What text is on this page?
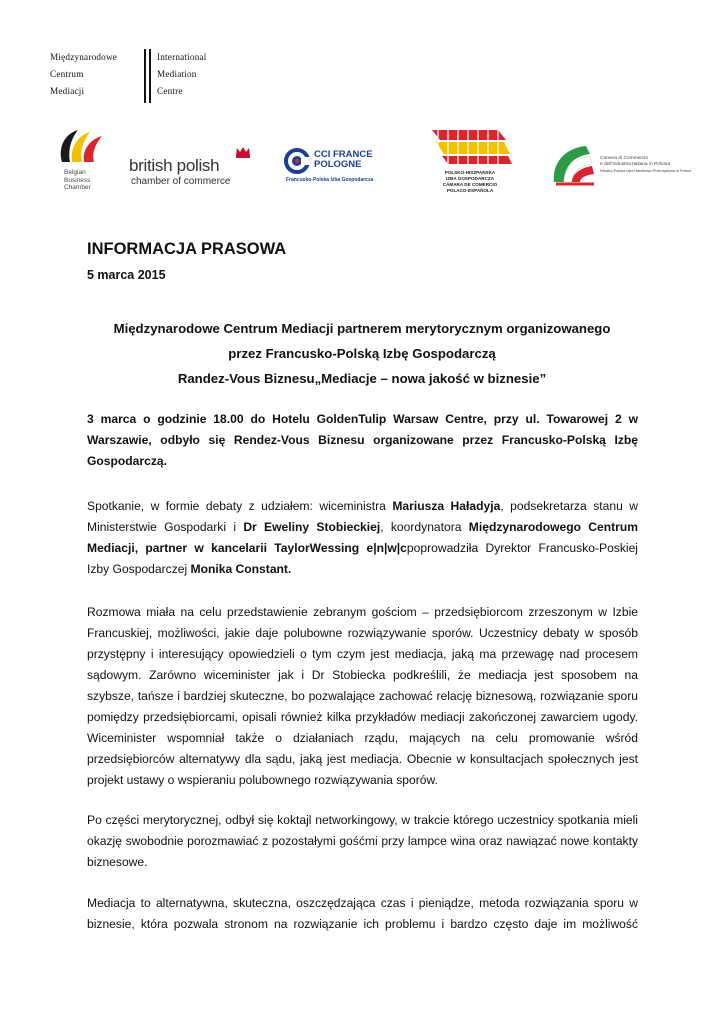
Międzynarodowe
Centrum
Mediacji
International
Mediation
Centre
Belgian
Business
Chamber
british polish
chamber of commerce
CCI FRANCE
POLOGNE
Francusko-Polska Izba Gospodarcza
POLSKO-HISZPAŃSKA
IZBA GOSPODARCZA
CÁMARA DE COMERCIO
POLACO-ESPAÑOLA
Camera di Commercio
e dell'Industria Italiana in Polonia
Włosko-Polska Izba Handlowo-Przemysłowa w Polsce
INFORMACJA PRASOWA
5 marca 2015
Międzynarodowe Centrum Mediacji partnerem merytorycznym organizowanego
przez Francusko-Polską Izbę Gospodarczą
Randez-Vous Biznesu„Mediacje – nowa jakość w biznesie”
3 marca o godzinie 18.00 do Hotelu GoldenTulip Warsaw Centre, przy ul. Towarowej 2 w
Warszawie, odbyło się Rendez-Vous Biznesu organizowane przez Francusko-Polską Izbę
Gospodarczą.
Spotkanie, w formie debaty z udziałem: wiceministra Mariusza Haładyja, podsekretarza stanu w
Ministerstwie Gospodarki i Dr Eweliny Stobieckiej, koordynatora Międzynarodowego Centrum
Mediacji, partner w kancelarii TaylorWessing e|n|w|cpoprowadziła Dyrektor Francusko-Poskiej
Izby Gospodarczej Monika Constant.
Rozmowa miała na celu przedstawienie zebranym gościom – przedsiębiorcom zrzeszonym w Izbie
Francuskiej, możliwości, jakie daje polubowne rozwiązywanie sporów. Uczestnicy debaty w sposób
przystępny i interesujący opowiedzieli o tym czym jest mediacja, jaką ma przewagę nad procesem
sądowym. Zarówno wiceminister jak i Dr Stobiecka podkreślili, że mediacja jest sposobem na
szybsze, tańsze i bardziej skuteczne, bo pozwalające zachować relację biznesową, rozwiązanie sporu
pomiędzy przedsiębiorcami, opisali również kilka przykładów mediacji zakończonej zawarciem ugody.
Wiceminister wspomniał także o działaniach rządu, mających na celu promowanie wśród
przedsiębiorców alternatywy dla sądu, jaką jest mediacja. Obecnie w konsultacjach społecznych jest
projekt ustawy o wspieraniu polubownego rozwiązywania sporów.
Po części merytorycznej, odbył się koktajl networkingowy, w trakcie którego uczestnicy spotkania mieli
okazję swobodnie porozmawiać z pozostałymi gośćmi przy lampce wina oraz nawiązać nowe kontakty
biznesowe.
Mediacja to alternatywna, skuteczna, oszczędzająca czas i pieniądze, metoda rozwiązania sporu w
biznesie, która pozwala stronom na rozwiązanie ich problemu i bardzo często daje im możliwość
